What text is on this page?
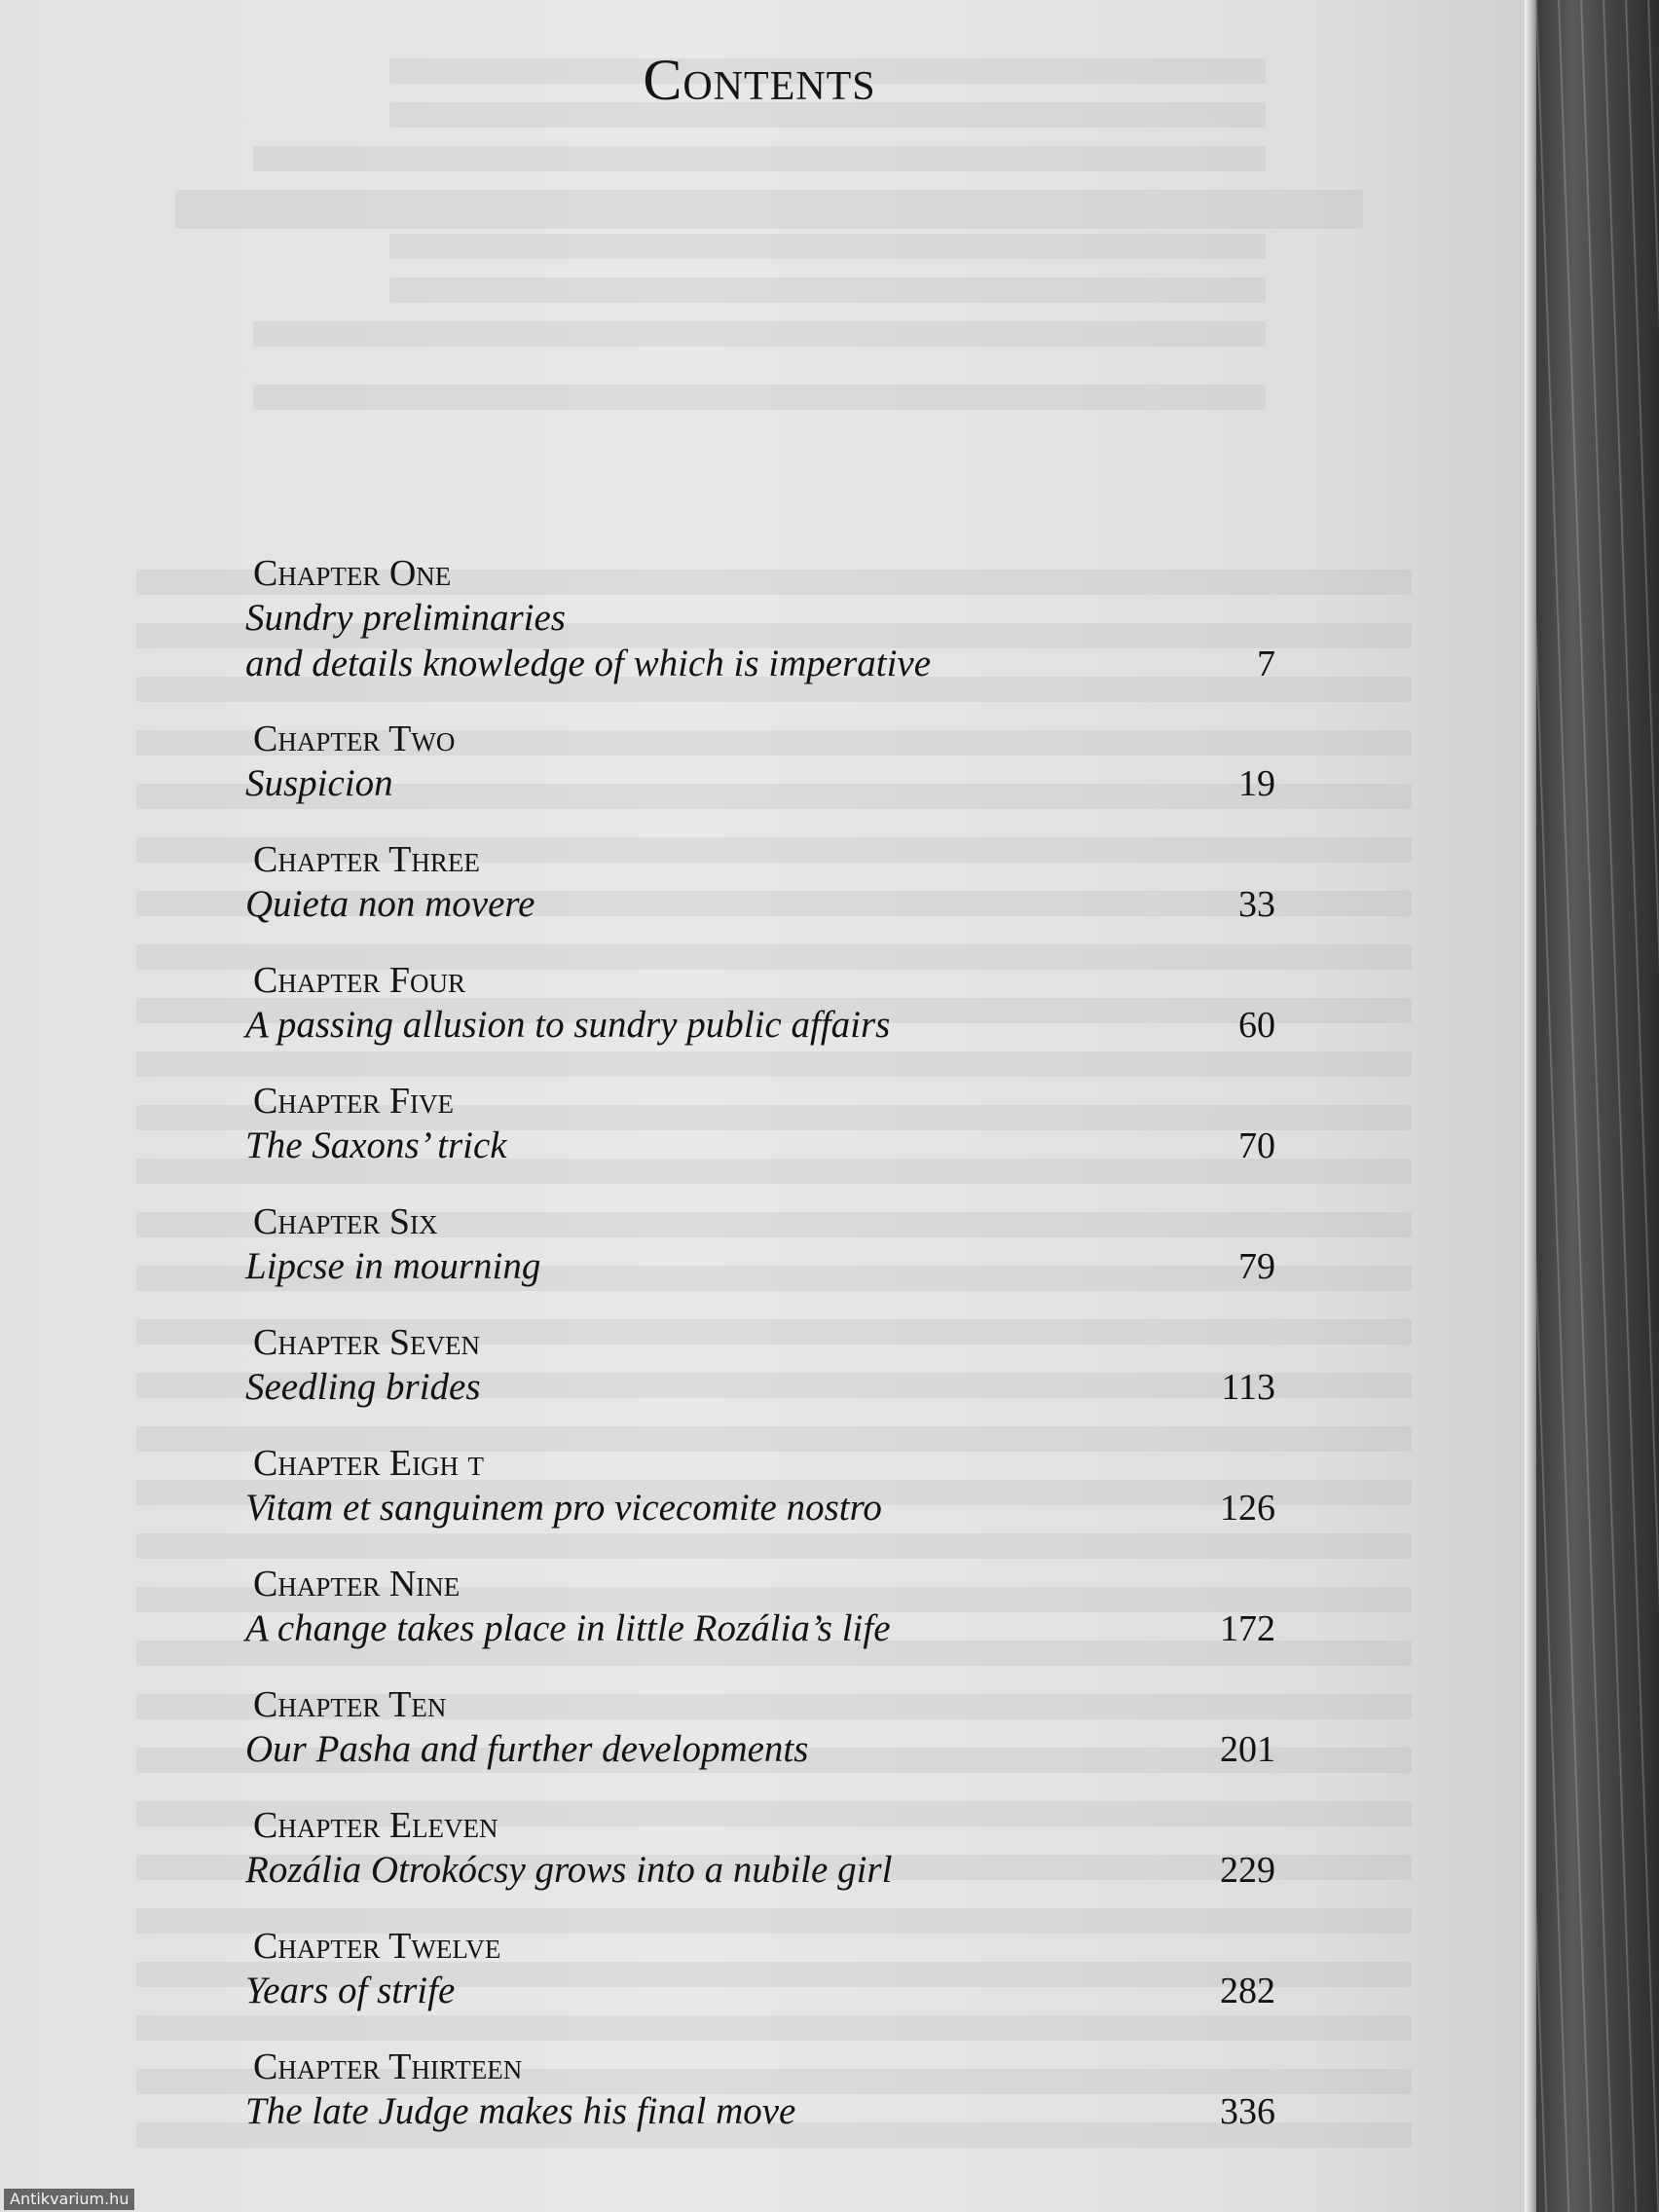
Contents
Chapter One
Sundry preliminaries
and details knowledge of which is imperative	7
Chapter Two
Suspicion	19
Chapter Three
Quieta non movere	33
Chapter Four
A passing allusion to sundry public affairs	60
Chapter Five
The Saxons’ trick	70
Chapter Six
Lipcse in mourning	79
Chapter Seven
Seedling brides	113
Chapter Eigh t
Vitam et sanguinem pro vicecomite nostro	126
Chapter Nine
A change takes place in little Rozália’s life	172
Chapter Ten
Our Pasha and further developments	201
Chapter Eleven
Rozália Otrokócsy grows into a nubile girl	229
Chapter Twelve
Years of strife	282
Chapter Thirteen
The late Judge makes his final move	336
Antikvarium.hu
